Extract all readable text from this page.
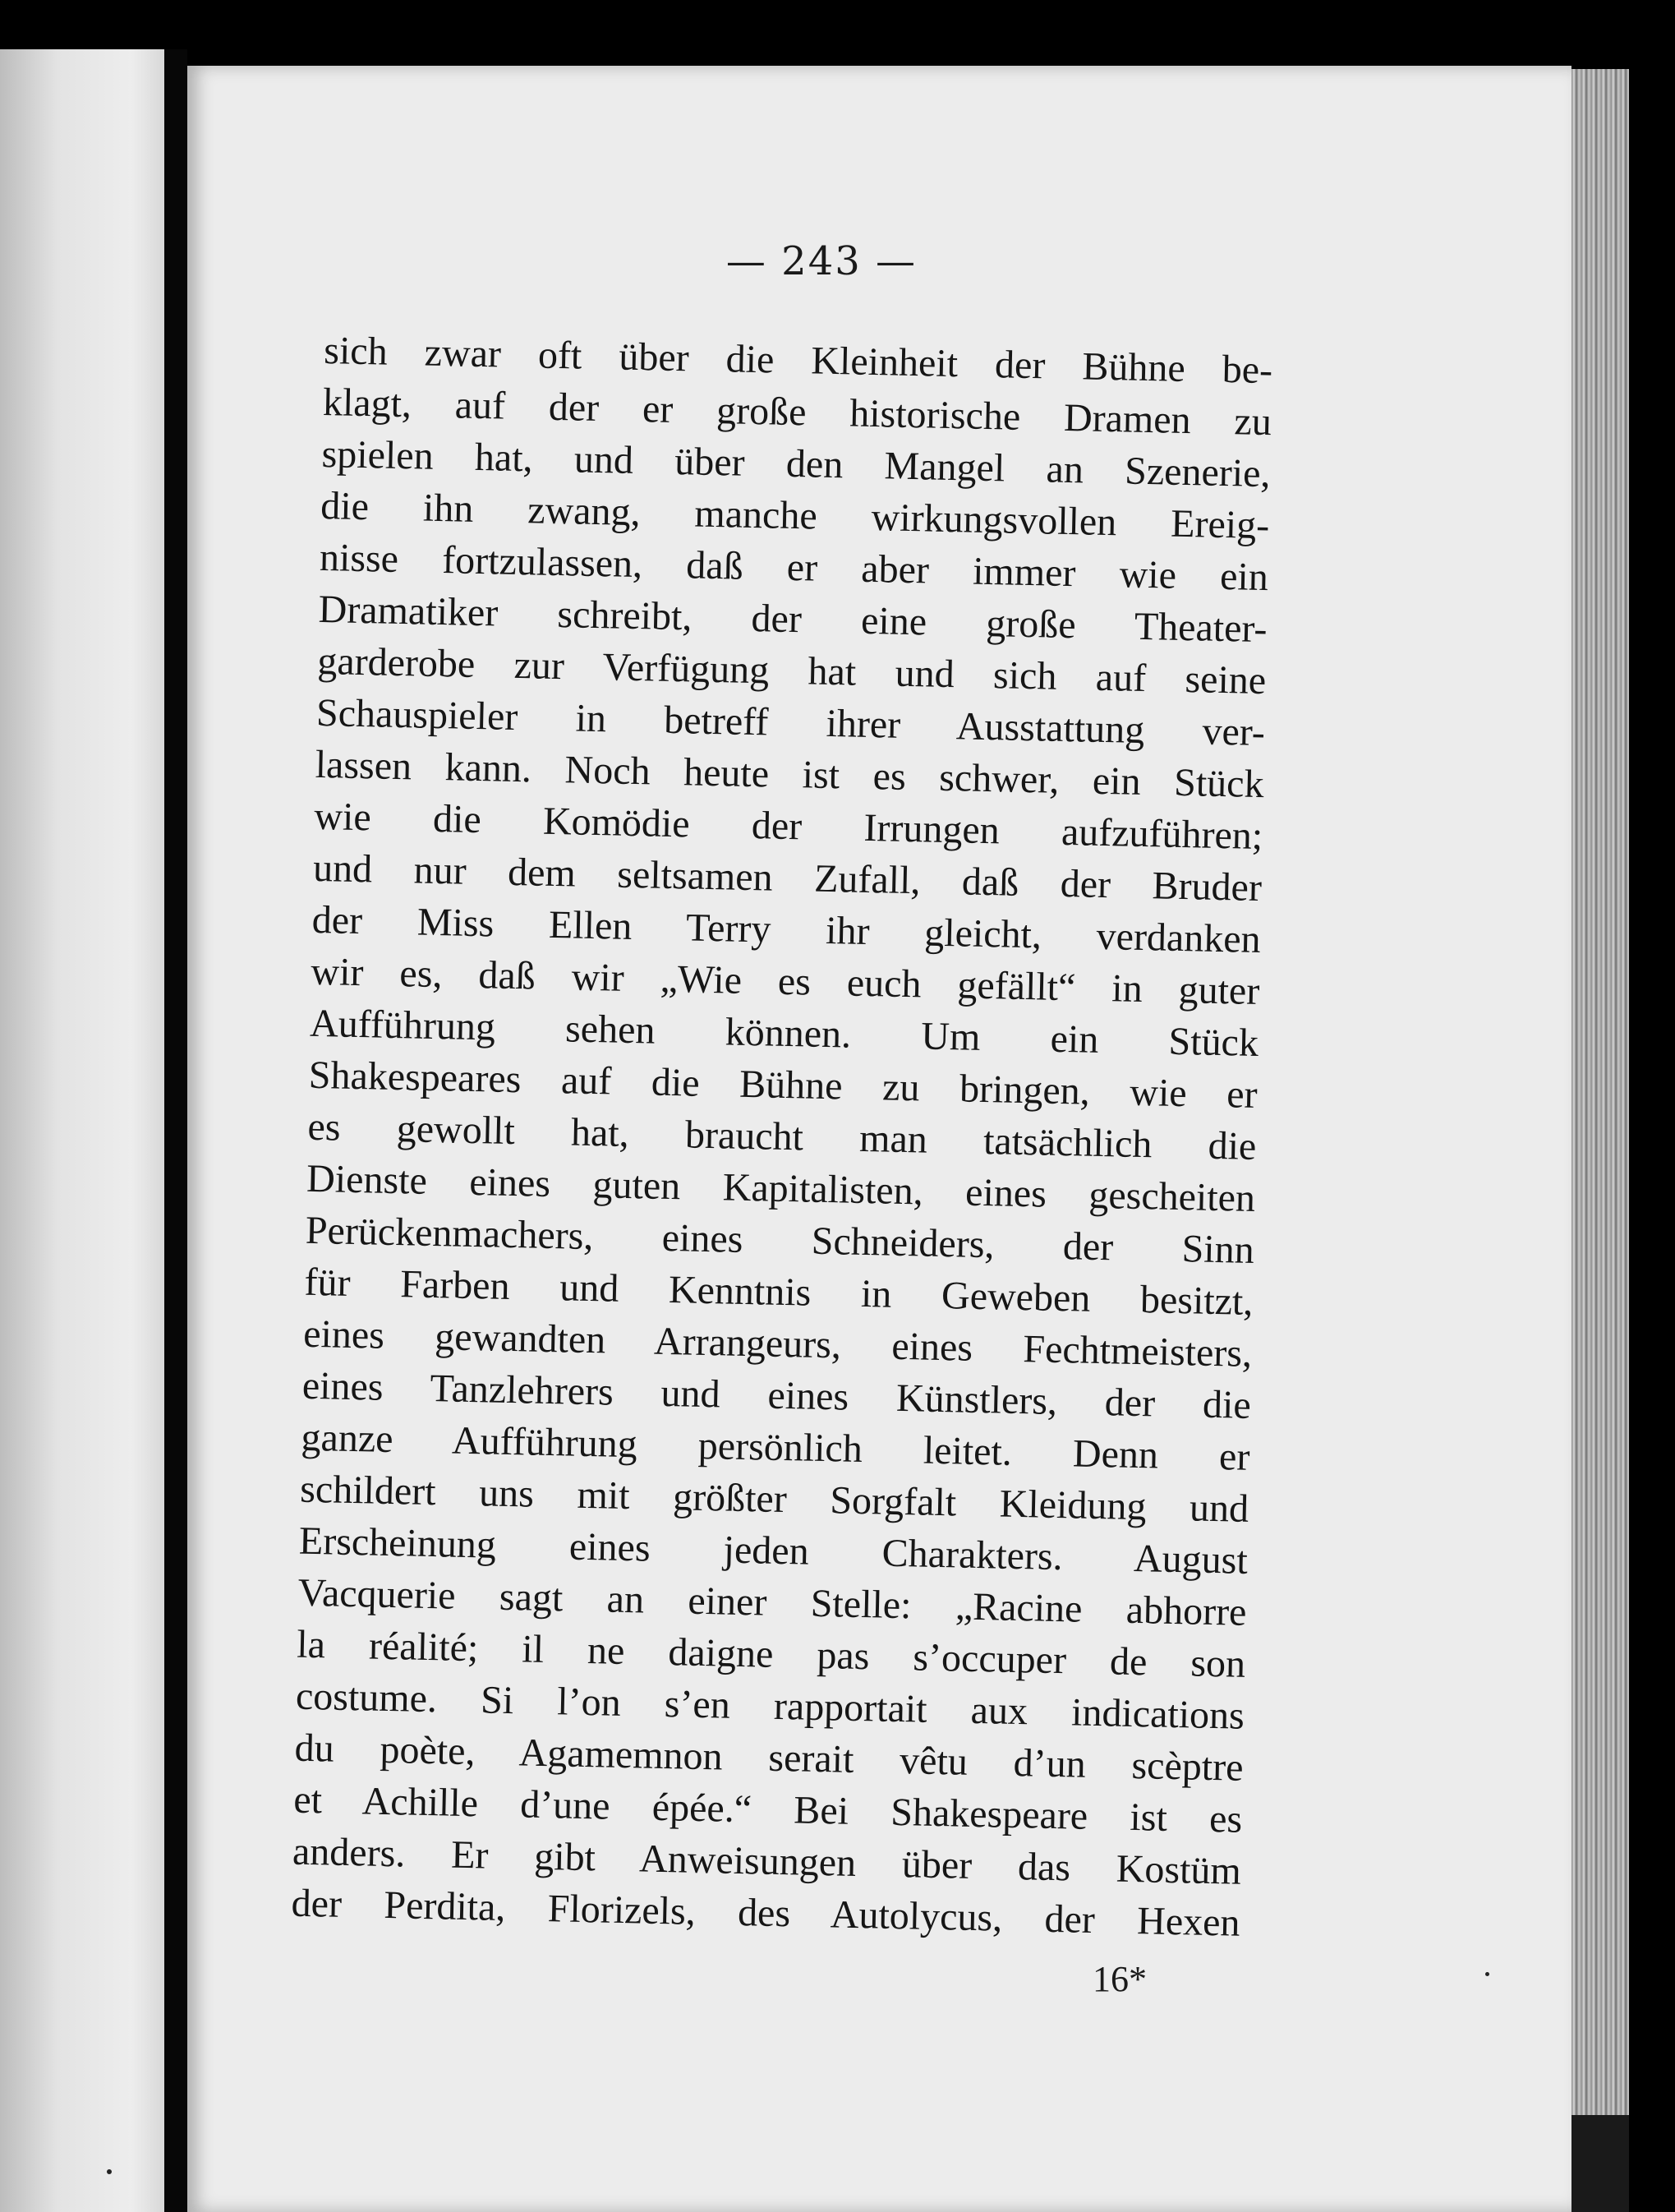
— 243 —
sich zwar oft über die Kleinheit der Bühne be-
klagt, auf der er große historische Dramen zu
spielen hat, und über den Mangel an Szenerie,
die ihn zwang, manche wirkungsvollen Ereig-
nisse fortzulassen, daß er aber immer wie ein
Dramatiker schreibt, der eine große Theater-
garderobe zur Verfügung hat und sich auf seine
Schauspieler in betreff ihrer Ausstattung ver-
lassen kann. Noch heute ist es schwer, ein Stück
wie die Komödie der Irrungen aufzuführen;
und nur dem seltsamen Zufall, daß der Bruder
der Miss Ellen Terry ihr gleicht, verdanken
wir es, daß wir „Wie es euch gefällt“ in guter
Aufführung sehen können. Um ein Stück
Shakespeares auf die Bühne zu bringen, wie er
es gewollt hat, braucht man tatsächlich die
Dienste eines guten Kapitalisten, eines gescheiten
Perückenmachers, eines Schneiders, der Sinn
für Farben und Kenntnis in Geweben besitzt,
eines gewandten Arrangeurs, eines Fechtmeisters,
eines Tanzlehrers und eines Künstlers, der die
ganze Aufführung persönlich leitet. Denn er
schildert uns mit größter Sorgfalt Kleidung und
Erscheinung eines jeden Charakters. August
Vacquerie sagt an einer Stelle: „Racine abhorre
la réalité; il ne daigne pas s’occuper de son
costume. Si l’on s’en rapportait aux indications
du poète, Agamemnon serait vêtu d’un scèptre
et Achille d’une épée.“ Bei Shakespeare ist es
anders. Er gibt Anweisungen über das Kostüm
der Perdita, Florizels, des Autolycus, der Hexen
16*
